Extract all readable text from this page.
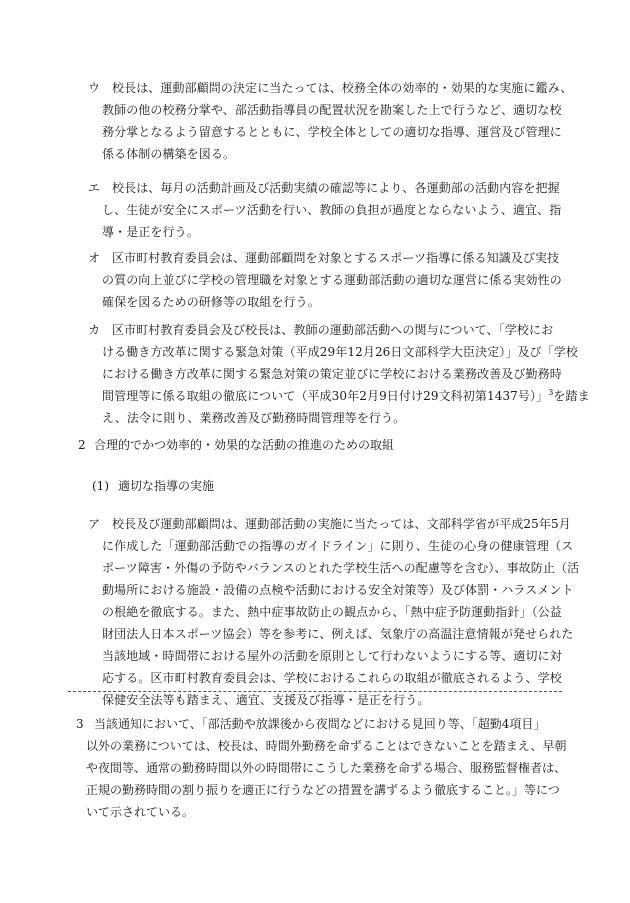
ウ 校長は、運動部顧問の決定に当たっては、校務全体の効率的・効果的な実施に鑑み、
教師の他の校務分掌や、部活動指導員の配置状況を勘案した上で行うなど、適切な校
務分掌となるよう留意するとともに、学校全体としての適切な指導、運営及び管理に
係る体制の構築を図る。
エ 校長は、毎月の活動計画及び活動実績の確認等により、各運動部の活動内容を把握
し、生徒が安全にスポーツ活動を行い、教師の負担が過度とならないよう、適宜、指
導・是正を行う。
オ 区市町村教育委員会は、運動部顧問を対象とするスポーツ指導に係る知識及び実技
の質の向上並びに学校の管理職を対象とする運動部活動の適切な運営に係る実効性の
確保を図るための研修等の取組を行う。
カ 区市町村教育委員会及び校長は、教師の運動部活動への関与について、「学校にお
ける働き方改革に関する緊急対策（平成29年12月26日文部科学大臣決定）」及び「学校
における働き方改革に関する緊急対策の策定並びに学校における業務改善及び勤務時
間管理等に係る取組の徹底について（平成30年2月9日付け29文科初第1437号）」$^3$を踏ま
え、法令に則り、業務改善及び勤務時間管理等を行う。
2 合理的でかつ効率的・効果的な活動の推進のための取組
(1) 適切な指導の実施
ア 校長及び運動部顧問は、運動部活動の実施に当たっては、文部科学省が平成25年5月
に作成した「運動部活動での指導のガイドライン」に則り、生徒の心身の健康管理（ス
ポーツ障害・外傷の予防やバランスのとれた学校生活への配慮等を含む）、事故防止（活
動場所における施設・設備の点検や活動における安全対策等）及び体罰・ハラスメント
の根絶を徹底する。また、熱中症事故防止の観点から、「熱中症予防運動指針」（公益
財団法人日本スポーツ協会）等を参考に、例えば、気象庁の高温注意情報が発せられた
当該地域・時間帯における屋外の活動を原則として行わないようにする等、適切に対
応する。区市町村教育委員会は、学校におけるこれらの取組が徹底されるよう、学校
保健安全法等も踏まえ、適宜、支援及び指導・是正を行う。
3 当該通知において、「部活動や放課後から夜間などにおける見回り等、「超勤4項目」
以外の業務については、校長は、時間外勤務を命ずることはできないことを踏まえ、早朝
や夜間等、通常の勤務時間以外の時間帯にこうした業務を命ずる場合、服務監督権者は、
正規の勤務時間の割り振りを適正に行うなどの措置を講ずるよう徹底すること。」等につ
いて示されている。
